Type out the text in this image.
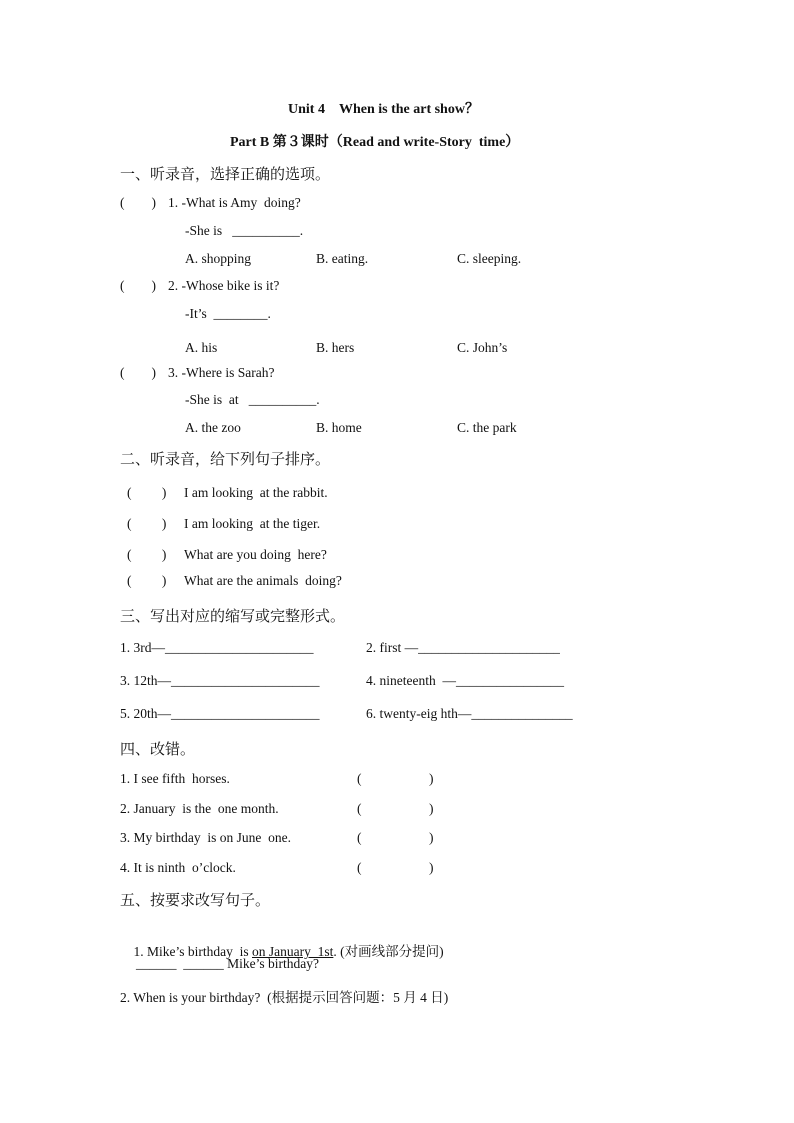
Unit 4　When is the art show？
Part B 第３课时（Read and write-Story  time）
一、听录音，选择正确的选项。
(        ) 1. -What is Amy  doing?
-She is   __________.
A. shopping	B. eating.	C. sleeping.
(        ) 2. -Whose bike is it?
-It’s  ________.
A. his	B. hers	C. John’s
(        ) 3. -Where is Sarah?
-She is  at   __________.
A. the zoo	B. home	C. the park
二、听录音，给下列句子排序。
(         ) I am looking  at the rabbit.
(         ) I am looking  at the tiger.
(         ) What are you doing  here?
(         ) What are the animals  doing?
三、写出对应的缩写或完整形式。
1. 3rd—______________________	2. first —_____________________
3. 12th—______________________	4. nineteenth  —________________
5. 20th—______________________	6. twenty-eig hth—_______________
四、改错。
1. I see fifth  horses.	(                    )
2. January  is the  one month.	(                    )
3. My birthday  is on June  one.	(                    )
4. It is ninth  o’clock.	(                    )
五、按要求改写句子。

1. Mike’s birthday  is on January  1st. (对画线部分提问)

______  ______ Mike’s birthday?
2. When is your birthday?  (根据提示回答问题：5 月 4 日)
